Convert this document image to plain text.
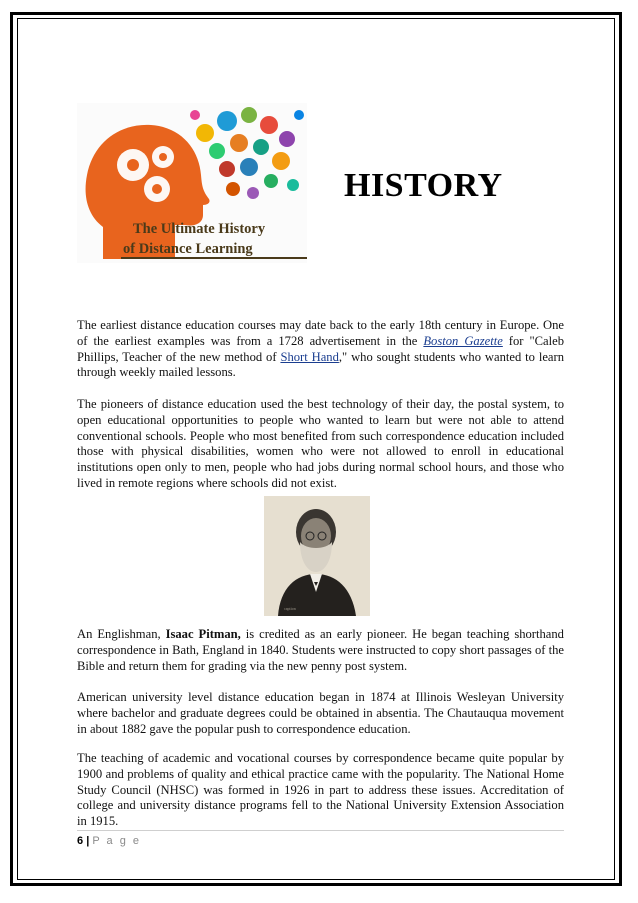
The Ultimate History
of Distance Learning
HISTORY

The earliest distance education courses may date back to the early 18th century in Europe. One of the earliest examples was from a 1728 advertisement in the Boston Gazette for "Caleb Phillips, Teacher of the new method of Short Hand," who sought students who wanted to learn through weekly mailed lessons.

The pioneers of distance education used the best technology of their day, the postal system, to open educational opportunities to people who wanted to learn but were not able to attend conventional schools. People who most benefited from such correspondence education included those with physical disabilities, women who were not allowed to enroll in educational institutions open only to men, people who had jobs during normal school hours, and those who lived in remote regions where schools did not exist.

caption

An Englishman, Isaac Pitman, is credited as an early pioneer. He began teaching shorthand correspondence in Bath, England in 1840. Students were instructed to copy short passages of the Bible and return them for grading via the new penny post system.

American university level distance education began in 1874 at Illinois Wesleyan University where bachelor and graduate degrees could be obtained in absentia. The Chautauqua movement in about 1882 gave the popular push to correspondence education.

The teaching of academic and vocational courses by correspondence became quite popular by 1900 and problems of quality and ethical practice came with the popularity. The National Home Study Council (NHSC) was formed in 1926 in part to address these issues. Accreditation of college and university distance programs fell to the National University Extension Association in 1915.

6 | P a g e
